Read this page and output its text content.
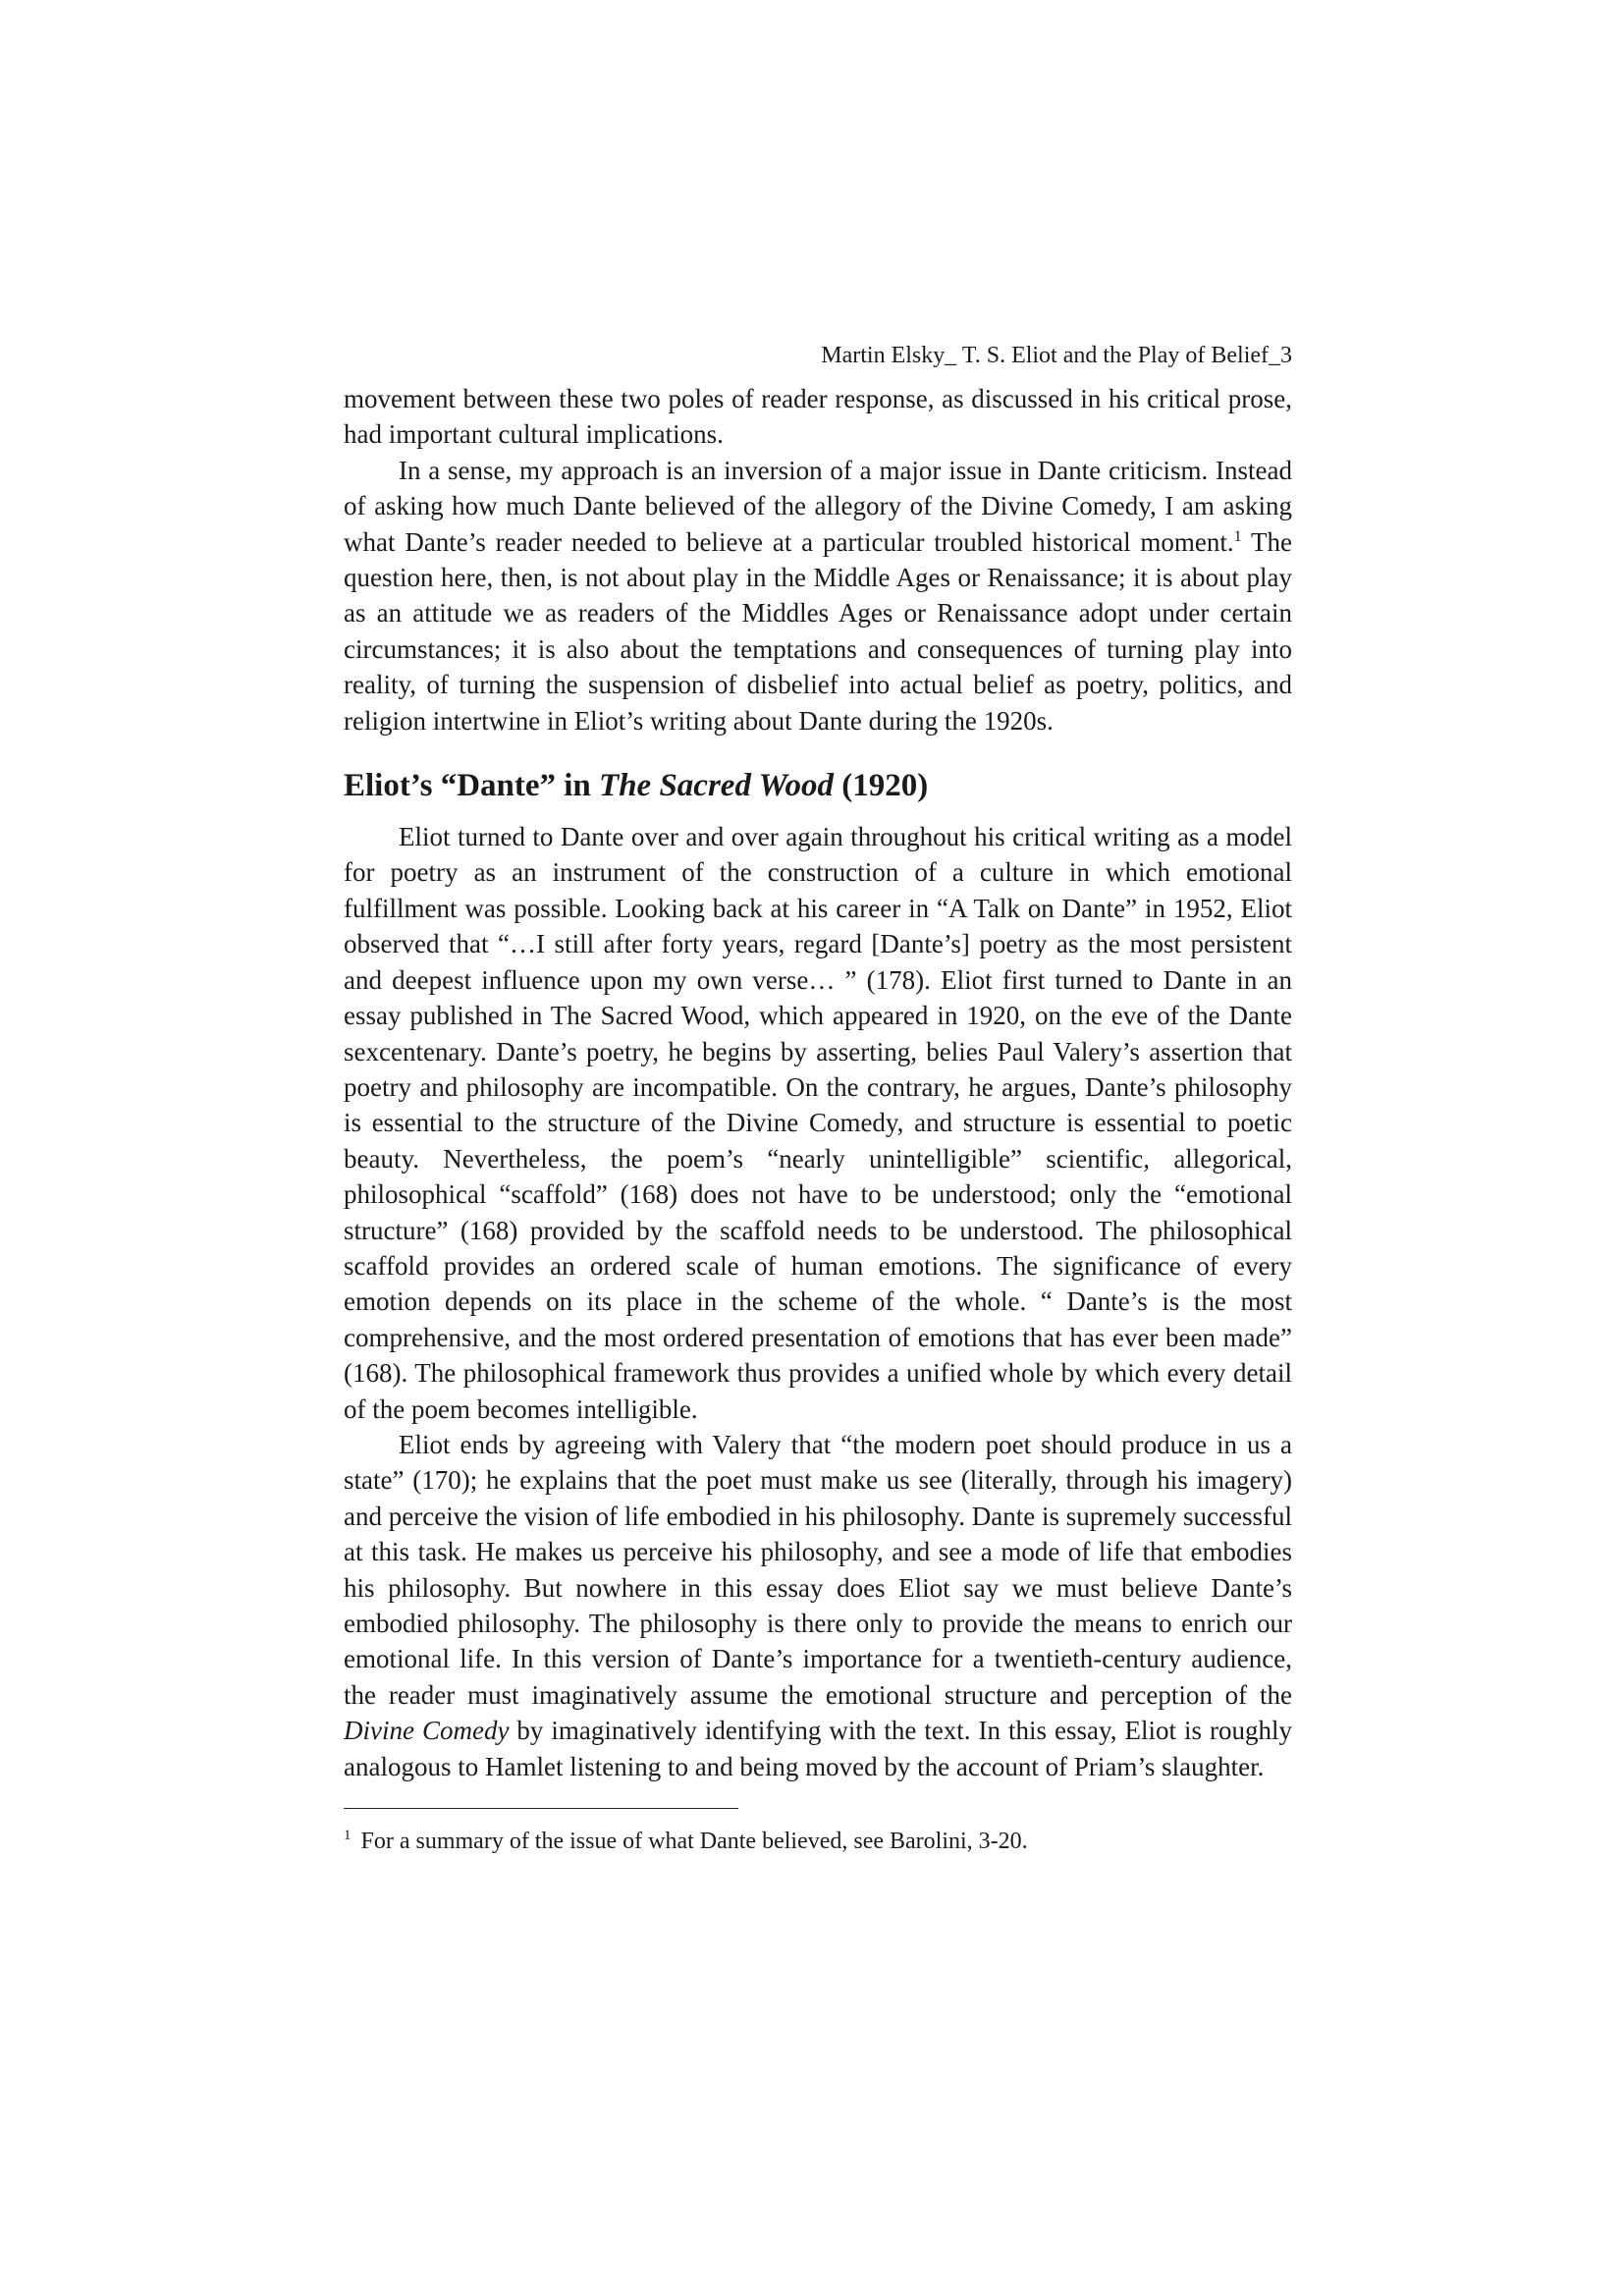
Martin Elsky_ T. S. Eliot and the Play of Belief_3

movement between these two poles of reader response, as discussed in his critical prose, had important cultural implications.

In a sense, my approach is an inversion of a major issue in Dante criticism. Instead of asking how much Dante believed of the allegory of the Divine Comedy, I am asking what Dante’s reader needed to believe at a particular troubled historical moment.$^1$ The question here, then, is not about play in the Middle Ages or Renaissance; it is about play as an attitude we as readers of the Middles Ages or Renaissance adopt under certain circumstances; it is also about the temptations and consequences of turning play into reality, of turning the suspension of disbelief into actual belief as poetry, politics, and religion intertwine in Eliot’s writing about Dante during the 1920s.

Eliot’s “Dante” in The Sacred Wood (1920)

Eliot turned to Dante over and over again throughout his critical writing as a model for poetry as an instrument of the construction of a culture in which emotional fulfillment was possible. Looking back at his career in “A Talk on Dante” in 1952, Eliot observed that “…I still after forty years, regard [Dante’s] poetry as the most persistent and deepest influence upon my own verse… ” (178). Eliot first turned to Dante in an essay published in The Sacred Wood, which appeared in 1920, on the eve of the Dante sexcentenary. Dante’s poetry, he begins by asserting, belies Paul Valery’s assertion that poetry and philosophy are incompatible. On the contrary, he argues, Dante’s philosophy is essential to the structure of the Divine Comedy, and structure is essential to poetic beauty. Nevertheless, the poem’s “nearly unintelligible” scientific, allegorical, philosophical “scaffold” (168) does not have to be understood; only the “emotional structure” (168) provided by the scaffold needs to be understood. The philosophical scaffold provides an ordered scale of human emotions. The significance of every emotion depends on its place in the scheme of the whole. “ Dante’s is the most comprehensive, and the most ordered presentation of emotions that has ever been made” (168). The philosophical framework thus provides a unified whole by which every detail of the poem becomes intelligible.

Eliot ends by agreeing with Valery that “the modern poet should produce in us a state” (170); he explains that the poet must make us see (literally, through his imagery) and perceive the vision of life embodied in his philosophy. Dante is supremely successful at this task. He makes us perceive his philosophy, and see a mode of life that embodies his philosophy. But nowhere in this essay does Eliot say we must believe Dante’s embodied philosophy. The philosophy is there only to provide the means to enrich our emotional life. In this version of Dante’s importance for a twentieth-century audience, the reader must imaginatively assume the emotional structure and perception of the Divine Comedy by imaginatively identifying with the text. In this essay, Eliot is roughly analogous to Hamlet listening to and being moved by the account of Priam’s slaughter.

$^1$ For a summary of the issue of what Dante believed, see Barolini, 3-20.
